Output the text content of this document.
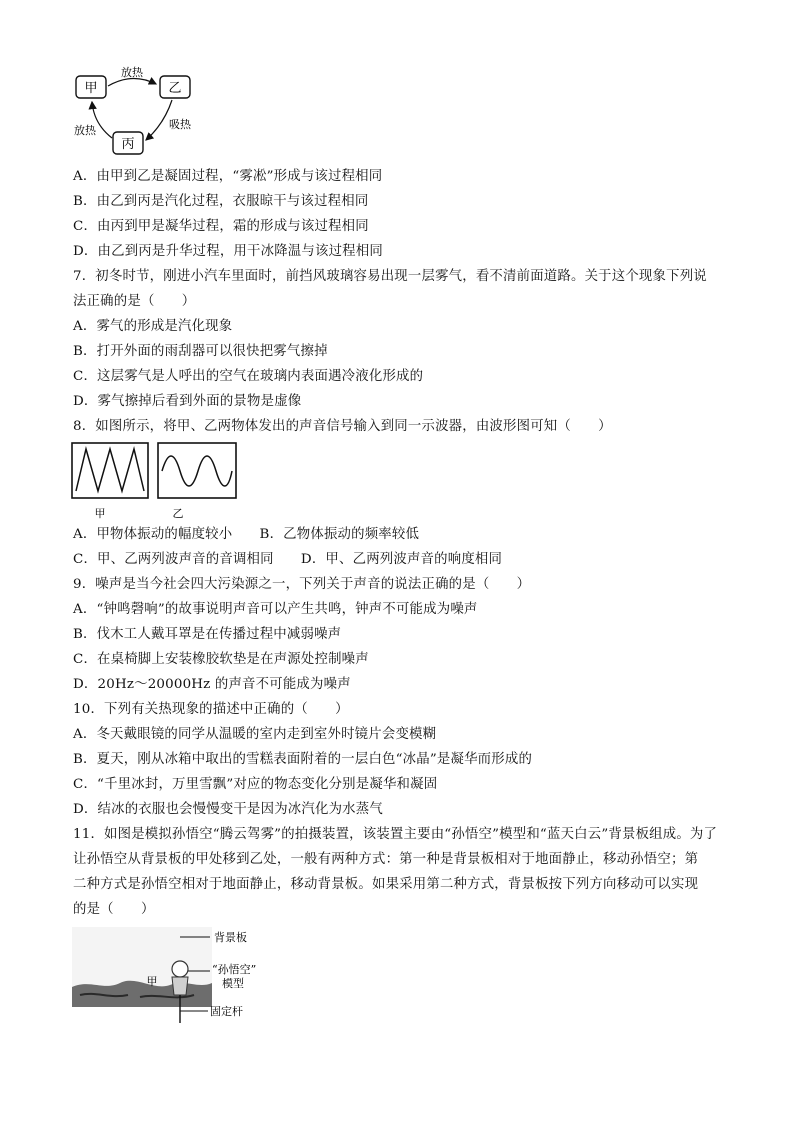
甲	乙
丙
放热
吸热
放热
A．由甲到乙是凝固过程，“雾凇”形成与该过程相同
B．由乙到丙是汽化过程，衣服晾干与该过程相同
C．由丙到甲是凝华过程，霜的形成与该过程相同
D．由乙到丙是升华过程，用干冰降温与该过程相同
7．初冬时节，刚进小汽车里面时，前挡风玻璃容易出现一层雾气，看不清前面道路。关于这个现象下列说
法正确的是（　　）
A．雾气的形成是汽化现象
B．打开外面的雨刮器可以很快把雾气擦掉
C．这层雾气是人呼出的空气在玻璃内表面遇冷液化形成的
D．雾气擦掉后看到外面的景物是虚像
8．如图所示，将甲、乙两物体发出的声音信号输入到同一示波器，由波形图可知（　　）
甲	乙
A．甲物体振动的幅度较小　　B．乙物体振动的频率较低
C．甲、乙两列波声音的音调相同　　D．甲、乙两列波声音的响度相同
9．噪声是当今社会四大污染源之一，下列关于声音的说法正确的是（　　）
A．“钟鸣磬响”的故事说明声音可以产生共鸣，钟声不可能成为噪声
B．伐木工人戴耳罩是在传播过程中减弱噪声
C．在桌椅脚上安装橡胶软垫是在声源处控制噪声
D．20Hz～20000Hz 的声音不可能成为噪声
10．下列有关热现象的描述中正确的（　　）
A．冬天戴眼镜的同学从温暖的室内走到室外时镜片会变模糊
B．夏天，刚从冰箱中取出的雪糕表面附着的一层白色“冰晶”是凝华而形成的
C．“千里冰封，万里雪飘”对应的物态变化分别是凝华和凝固
D．结冰的衣服也会慢慢变干是因为冰汽化为水蒸气
11．如图是模拟孙悟空“腾云驾雾”的拍摄装置，该装置主要由“孙悟空”模型和“蓝天白云”背景板组成。为了
让孙悟空从背景板的甲处移到乙处，一般有两种方式：第一种是背景板相对于地面静止，移动孙悟空；第
二种方式是孙悟空相对于地面静止，移动背景板。如果采用第二种方式，背景板按下列方向移动可以实现
的是（　　）
甲
背景板
“孙悟空”
模型
固定杆
